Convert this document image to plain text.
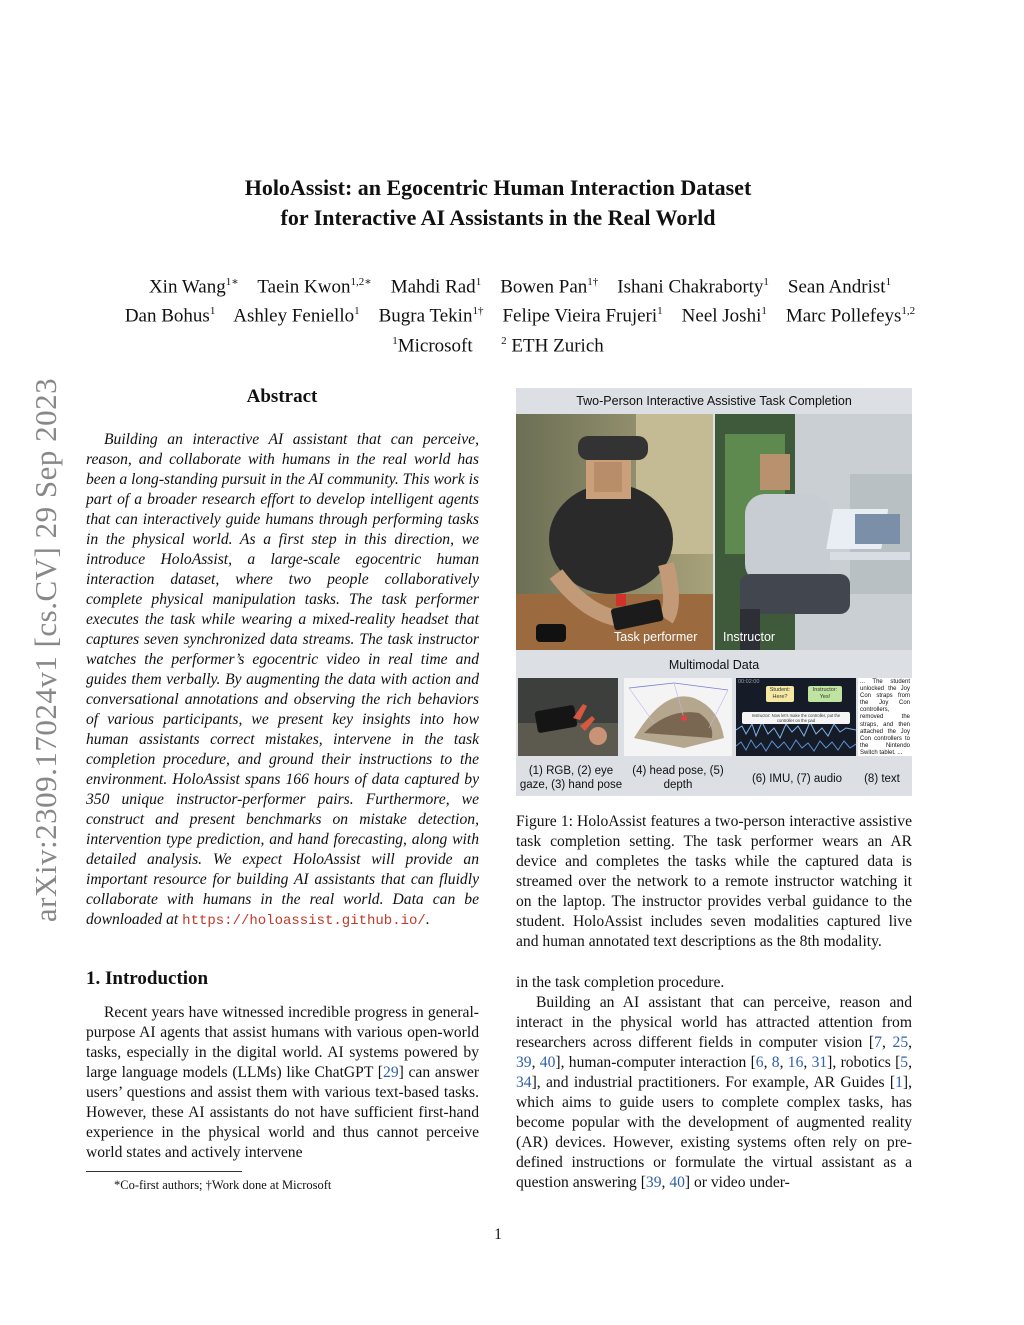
arXiv:2309.17024v1 [cs.CV] 29 Sep 2023
HoloAssist: an Egocentric Human Interaction Dataset
for Interactive AI Assistants in the Real World
Xin Wang$^{1∗}$ Taein Kwon$^{1,2∗}$ Mahdi Rad$^1$ Bowen Pan$^{1\dagger}$ Ishani Chakraborty$^1$ Sean Andrist$^1$
Dan Bohus$^1$ Ashley Feniello$^1$ Bugra Tekin$^{1\dagger}$ Felipe Vieira Frujeri$^1$ Neel Joshi$^1$ Marc Pollefeys$^{1,2}$
$^1$Microsoft	$^2$ ETH Zurich
Abstract
Building an interactive AI assistant that can perceive, reason, and collaborate with humans in the real world has been a long-standing pursuit in the AI community. This work is part of a broader research effort to develop intelligent agents that can interactively guide humans through performing tasks in the physical world. As a first step in this direction, we introduce HoloAssist, a large-scale egocentric human interaction dataset, where two people collaboratively complete physical manipulation tasks. The task performer executes the task while wearing a mixed-reality headset that captures seven synchronized data streams. The task instructor watches the performer’s egocentric video in real time and guides them verbally. By augmenting the data with action and conversational annotations and observing the rich behaviors of various participants, we present key insights into how human assistants correct mistakes, intervene in the task completion procedure, and ground their instructions to the environment. HoloAssist spans 166 hours of data captured by 350 unique instructor-performer pairs. Furthermore, we construct and present benchmarks on mistake detection, intervention type prediction, and hand forecasting, along with detailed analysis. We expect HoloAssist will provide an important resource for building AI assistants that can fluidly collaborate with humans in the real world. Data can be downloaded at https://holoassist.github.io/.
1. Introduction
Recent years have witnessed incredible progress in general-purpose AI agents that assist humans with various open-world tasks, especially in the digital world. AI systems powered by large language models (LLMs) like ChatGPT [29] can answer users’ questions and assist them with various text-based tasks. However, these AI assistants do not have sufficient first-hand experience in the physical world and thus cannot perceive world states and actively intervene
*Co-first authors; †Work done at Microsoft
Two-Person Interactive Assistive Task Completion
Task performer Instructor
Multimodal Data
00:02:00
Student: Here?
Instructor: Yes!
Instructor: Now let’s make the controller, put the controller on the pad
... The student unlocked the Joy Con straps from the Joy Con controllers, removed the straps, and then attached the Joy Con controllers to the Nintendo Switch tablet. ...
(1) RGB, (2) eye gaze, (3) hand pose
(4) head pose, (5) depth	(6) IMU, (7) audio	(8) text
Figure 1: HoloAssist features a two-person interactive assistive task completion setting. The task performer wears an AR device and completes the tasks while the captured data is streamed over the network to a remote instructor watching it on the laptop. The instructor provides verbal guidance to the student. HoloAssist includes seven modalities captured live and human annotated text descriptions as the 8th modality.

in the task completion procedure.

Building an AI assistant that can perceive, reason and interact in the physical world has attracted attention from researchers across different fields in computer vision [7, 25, 39, 40], human-computer interaction [6, 8, 16, 31], robotics [5, 34], and industrial practitioners. For example, AR Guides [1], which aims to guide users to complete complex tasks, has become popular with the development of augmented reality (AR) devices. However, existing systems often rely on pre-defined instructions or formulate the virtual assistant as a question answering [39, 40] or video under-

1
